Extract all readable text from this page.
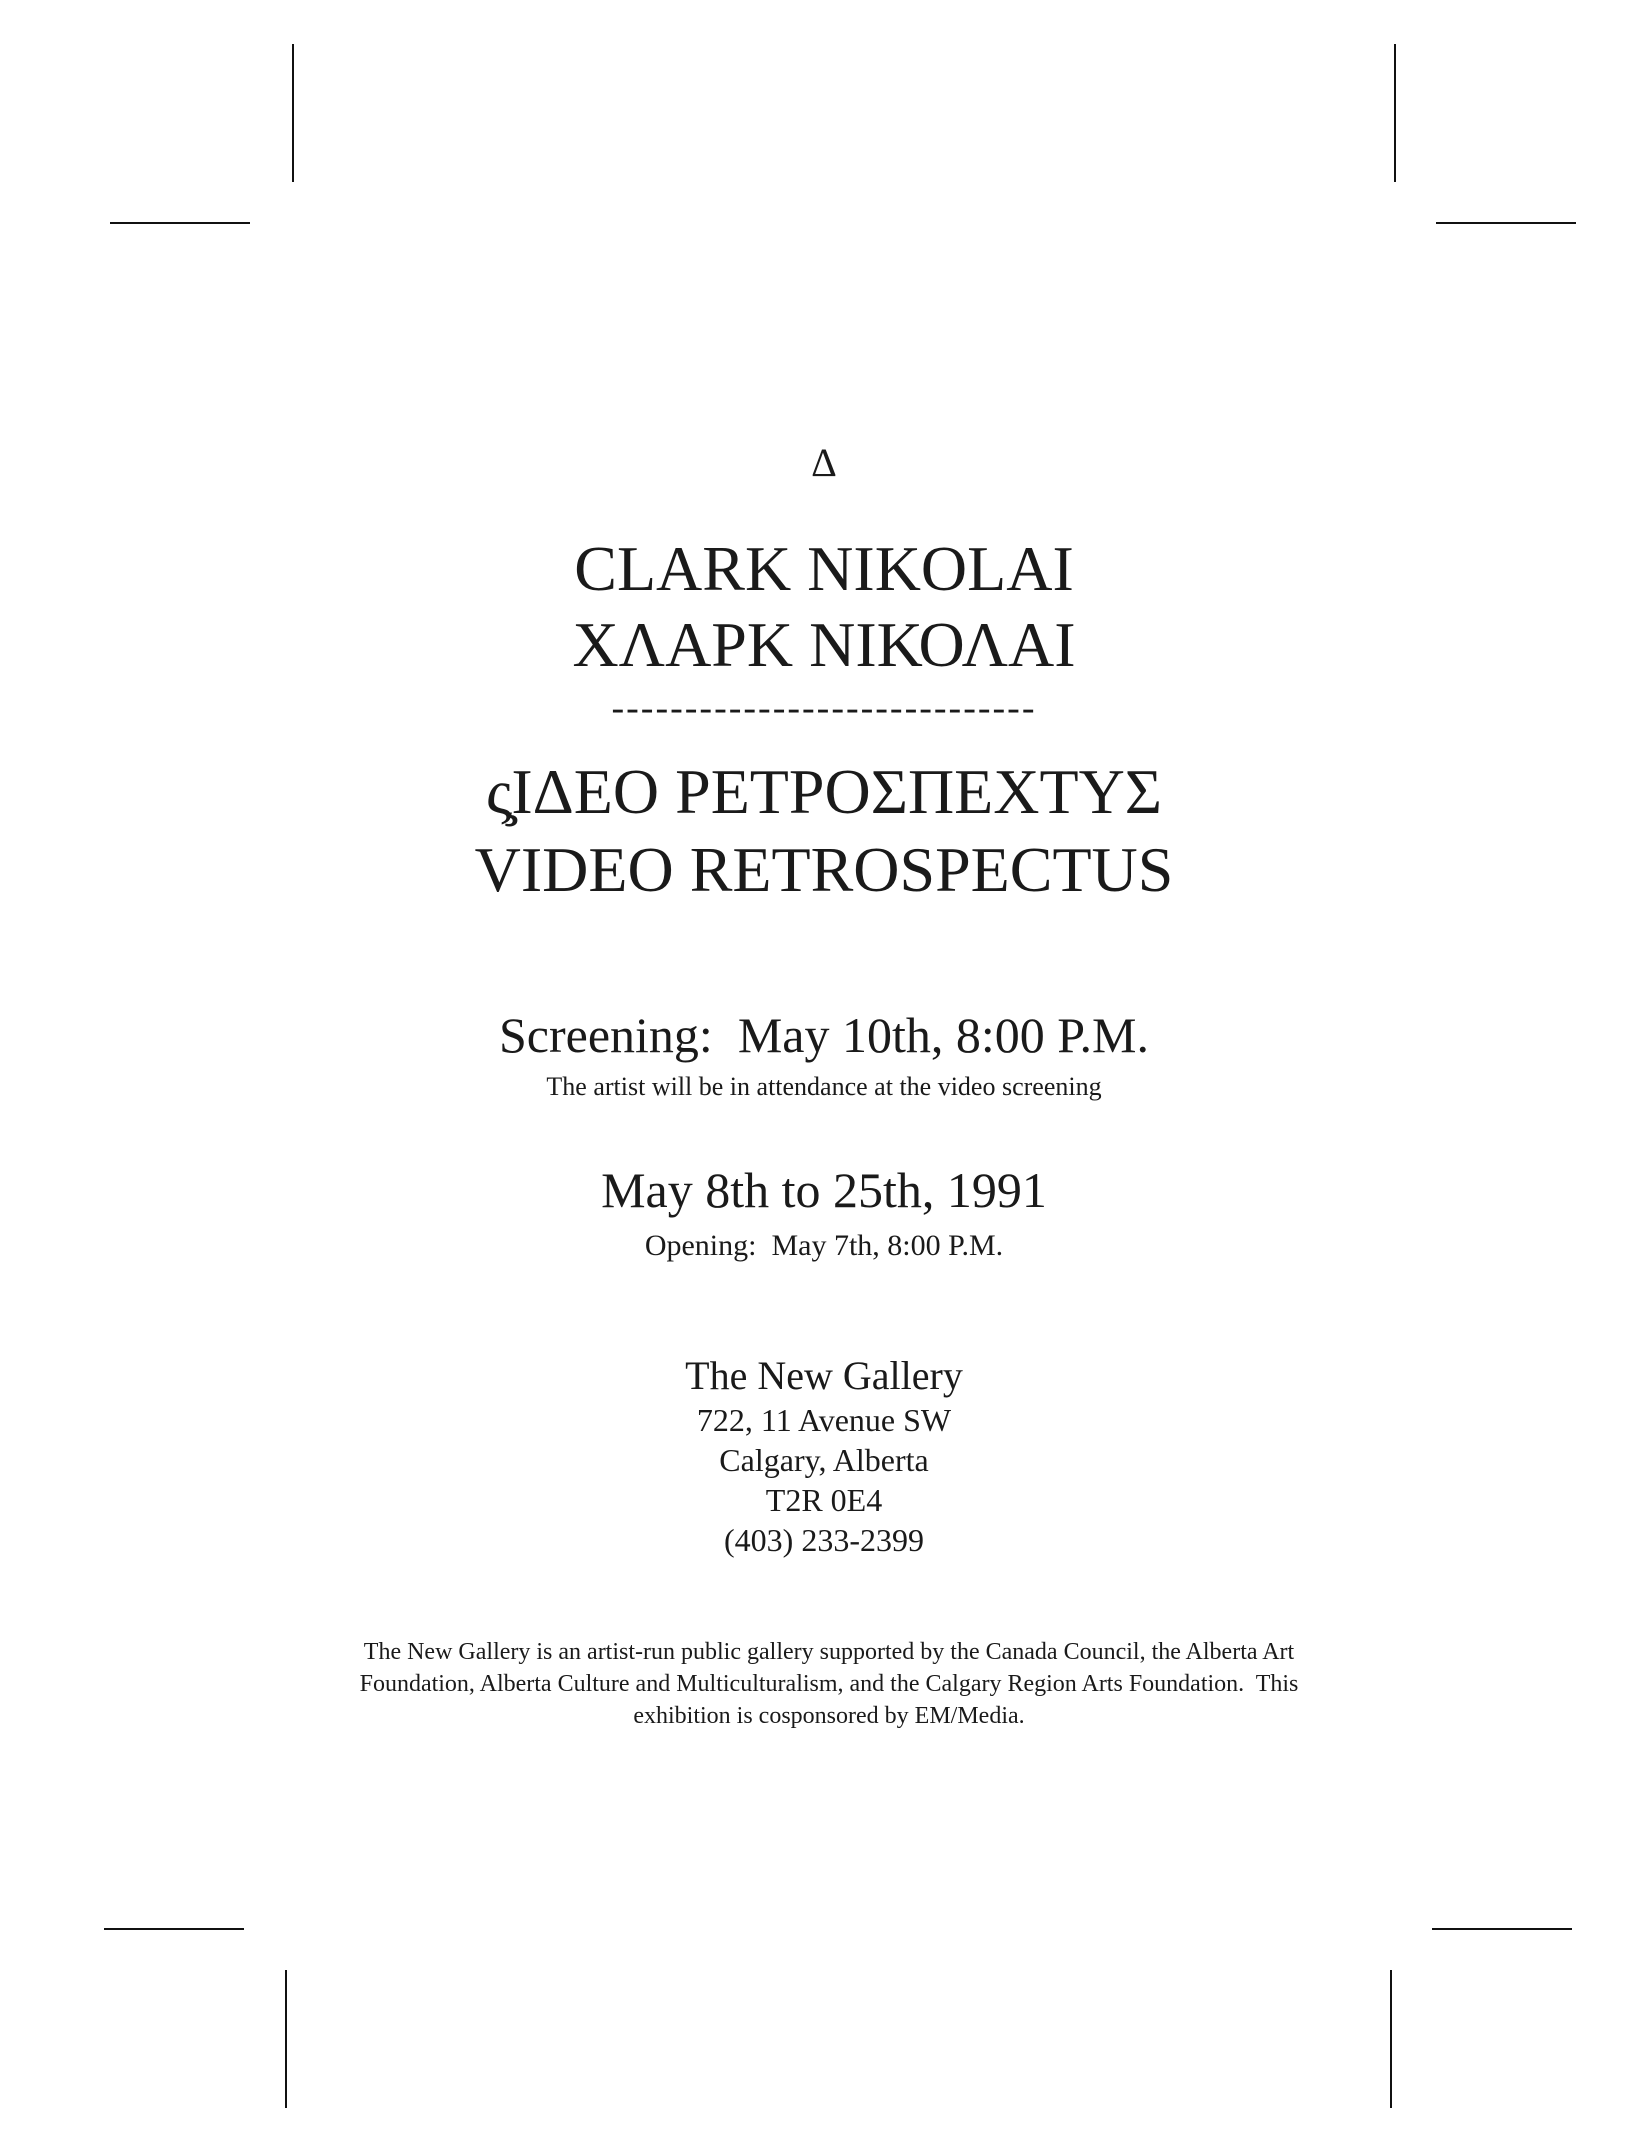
Δ
CLARK NIKOLAI
ΧΛΑΡΚ ΝΙΚΟΛΑΙ
-----------------------------
ς̧ΙΔΕΟ ΡΕΤΡΟΣΠΕΧΤΥΣ
VIDEO RETROSPECTUS
Screening:  May 10th, 8:00 P.M.
The artist will be in attendance at the video screening
May 8th to 25th, 1991
Opening:  May 7th, 8:00 P.M.
The New Gallery
722, 11 Avenue SW
Calgary, Alberta
T2R 0E4
(403) 233-2399
The New Gallery is an artist-run public gallery supported by the Canada Council, the Alberta Art Foundation, Alberta Culture and Multiculturalism, and the Calgary Region Arts Foundation.  This exhibition is cosponsored by EM/Media.
